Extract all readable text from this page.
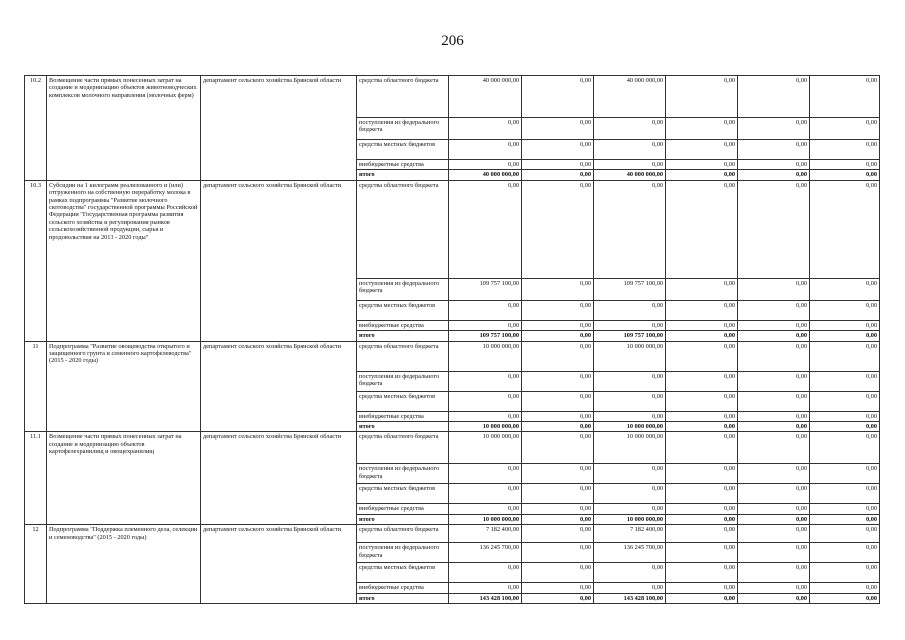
206
10.2	Возмещение части прямых понесенных затрат на создание и модернизацию объектов животноводческих комплексов молочного направления (молочных ферм)	департамент сельского хозяйства Брянской области	средства областного бюджета	40 000 000,00	0,00	40 000 000,00	0,00	0,00	0,00
			поступления из федерального бюджета	0,00	0,00	0,00	0,00	0,00	0,00
			средства местных бюджетов	0,00	0,00	0,00	0,00	0,00	0,00
			внебюджетные средства	0,00	0,00	0,00	0,00	0,00	0,00
			итого	40 000 000,00	0,00	40 000 000,00	0,00	0,00	0,00
10.3	Субсидии на 1 килограмм реализованного и (или) отгруженного на собственную переработку молока в рамках подпрограммы "Развитие молочного скотоводства" государственной программы Российской Федерации "Государственная программа развития сельского хозяйства и регулирования рынков сельскохозяйственной продукции, сырья и продовольствия на 2013 - 2020 годы"	департамент сельского хозяйства Брянской области	средства областного бюджета	0,00	0,00	0,00	0,00	0,00	0,00
			поступления из федерального бюджета	109 757 100,00	0,00	109 757 100,00	0,00	0,00	0,00
			средства местных бюджетов	0,00	0,00	0,00	0,00	0,00	0,00
			внебюджетные средства	0,00	0,00	0,00	0,00	0,00	0,00
			итого	109 757 100,00	0,00	109 757 100,00	0,00	0,00	0,00
11	Подпрограмма "Развитие овощеводства открытого и защищенного грунта и семенного картофелеводства" (2015 - 2020 годы)	департамент сельского хозяйства Брянской области	средства областного бюджета	10 000 000,00	0,00	10 000 000,00	0,00	0,00	0,00
			поступления из федерального бюджета	0,00	0,00	0,00	0,00	0,00	0,00
			средства местных бюджетов	0,00	0,00	0,00	0,00	0,00	0,00
			внебюджетные средства	0,00	0,00	0,00	0,00	0,00	0,00
			итого	10 000 000,00	0,00	10 000 000,00	0,00	0,00	0,00
11.1	Возмещение части прямых понесенных затрат на создание и модернизацию объектов картофелехранилищ и овощехранилищ	департамент сельского хозяйства Брянской области	средства областного бюджета	10 000 000,00	0,00	10 000 000,00	0,00	0,00	0,00
			поступления из федерального бюджета	0,00	0,00	0,00	0,00	0,00	0,00
			средства местных бюджетов	0,00	0,00	0,00	0,00	0,00	0,00
			внебюджетные средства	0,00	0,00	0,00	0,00	0,00	0,00
			итого	10 000 000,00	0,00	10 000 000,00	0,00	0,00	0,00
12	Подпрограмма "Поддержка племенного дела, селекции и семеноводства" (2015 - 2020 годы)	департамент сельского хозяйства Брянской области	средства областного бюджета	7 182 400,00	0,00	7 182 400,00	0,00	0,00	0,00
			поступления из федерального бюджета	136 245 700,00	0,00	136 245 700,00	0,00	0,00	0,00
			средства местных бюджетов	0,00	0,00	0,00	0,00	0,00	0,00
			внебюджетные средства	0,00	0,00	0,00	0,00	0,00	0,00
			итого	143 428 100,00	0,00	143 428 100,00	0,00	0,00	0,00
